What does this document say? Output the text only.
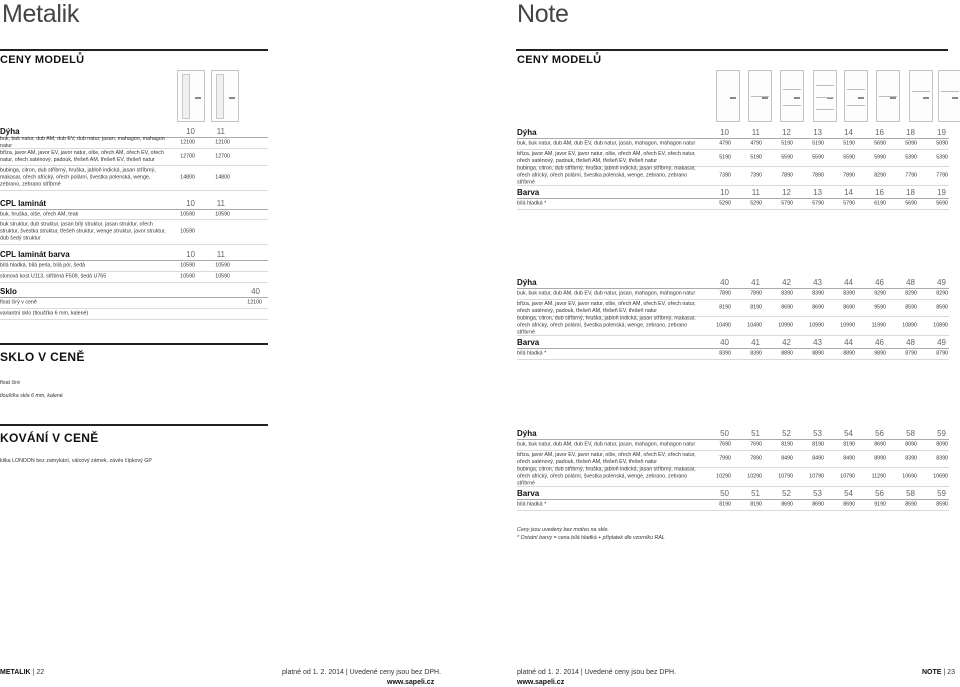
Metalik
CENY MODELŮ
Dýha	10	11
buk, buk natur, dub AM, dub EV, dub natur, jasan, mahagon, mahagon natur
12100	12100
bříza, javor AM, javor EV, javor natur, olše, ořech AM, ořech EV, ořech natur, ořech saténový, padouk, třešeň AM, třešeň EV, třešeň natur
12700	12700
bubinga, citron, dub stříbrný, hruška, jabloň indická, jasan stříbrný, makasar, ořech africký, ořech polární, švestka polenská, wenge, zebrano, zebrano stříbrné
14800	14800
CPL laminát	10	11
buk, hruška, olše, ořech AM, teak	10590	10590
buk struktur, dub struktur, jasan bílý struktur, jasan struktur, ořech struktur, švestka struktur, třešeň struktur, wenge struktur, javor struktur, dub šedý struktur
10590
CPL laminát barva	10	11
bílá hladká, bílá perla, bílá pór, šedá	10590	10590
slonová kost U113, stříbrná F509, šedá U765	10590	10590
Sklo	40
float čirý v ceně	12100
variantní sklo (tloušťka 6 mm, kalené)
SKLO V CENĚ
float čiré
tloušťka skla 6 mm, kalené
KOVÁNÍ V CENĚ
klika LONDON bez zamykání, válcový zámek, závěs čípkový GP
METALIK | 22	platné od 1. 2. 2014 | Uvedené ceny jsou bez DPH.
www.sapeli.cz
Note
CENY MODELŮ
Dýha	10	11	12	13	14	16	18	19
buk, buk natur, dub AM, dub EV, dub natur, jasan, mahagon, mahagon natur	4790	4790	5190	5190	5190	5690	5090	5090
bříza, javor AM, javor EV, javor natur, olše, ořech AM, ořech EV, ořech natur, ořech saténový, padouk, třešeň AM, třešeň EV, třešeň natur
5190	5190	5590	5590	5590	5990	5390	5390
bubinga, citron, dub stříbrný, hruška, jabloň indická, jasan stříbrný, makasar, ořech africký, ořech polární, švestka polenská, wenge, zebrano, zebrano stříbrné
7390	7390	7890	7890	7890	8290	7790	7790
Barva	10	11	12	13	14	16	18	19
bílá hladká *	5290	5290	5790	5790	5790	6190	5690	5690
Dýha	40	41	42	43	44	46	48	49
buk, buk natur, dub AM, dub EV, dub natur, jasan, mahagon, mahagon natur	7890	7890	8390	8390	8390	9290	8290	8290
bříza, javor AM, javor EV, javor natur, olše, ořech AM, ořech EV, ořech natur, ořech saténový, padouk, třešeň AM, třešeň EV, třešeň natur
8190	8190	8690	8690	8690	9590	8590	8590
bubinga, citron, dub stříbrný, hruška, jabloň indická, jasan stříbrný, makasar, ořech africký, ořech polární, švestka polenská, wenge, zebrano, zebrano stříbrné
10490	10490	10990	10990	10990	11990	10890	10890
Barva	40	41	42	43	44	46	48	49
bílá hladká *	8390	8390	8890	8890	8890	9890	8790	8790
Dýha	50	51	52	53	54	56	58	59
buk, buk natur, dub AM, dub EV, dub natur, jasan, mahagon, mahagon natur	7690	7690	8190	8190	8190	8690	8090	8090
bříza, javor AM, javor EV, javor natur, olše, ořech AM, ořech EV, ořech natur, ořech saténový, padouk, třešeň AM, třešeň EV, třešeň natur
7990	7890	8490	8490	8490	8990	8390	8390
bubinga, citron, dub stříbrný, hruška, jabloň indická, jasan stříbrný, makasar, ořech africký, ořech polární, švestka polenská, wenge, zebrano, zebrano stříbrné
10290	10290	10790	10790	10790	11290	10690	10690
Barva	50	51	52	53	54	56	58	59
bílá hladká *	8190	8190	8690	8690	8690	9190	8590	8590
Ceny jsou uvedeny bez motivu na skle.
* Ostatní barvy = cena bílá hladká + příplatek dle vzorníku RAL
platné od 1. 2. 2014 | Uvedené ceny jsou bez DPH.
www.sapeli.cz
NOTE | 23
